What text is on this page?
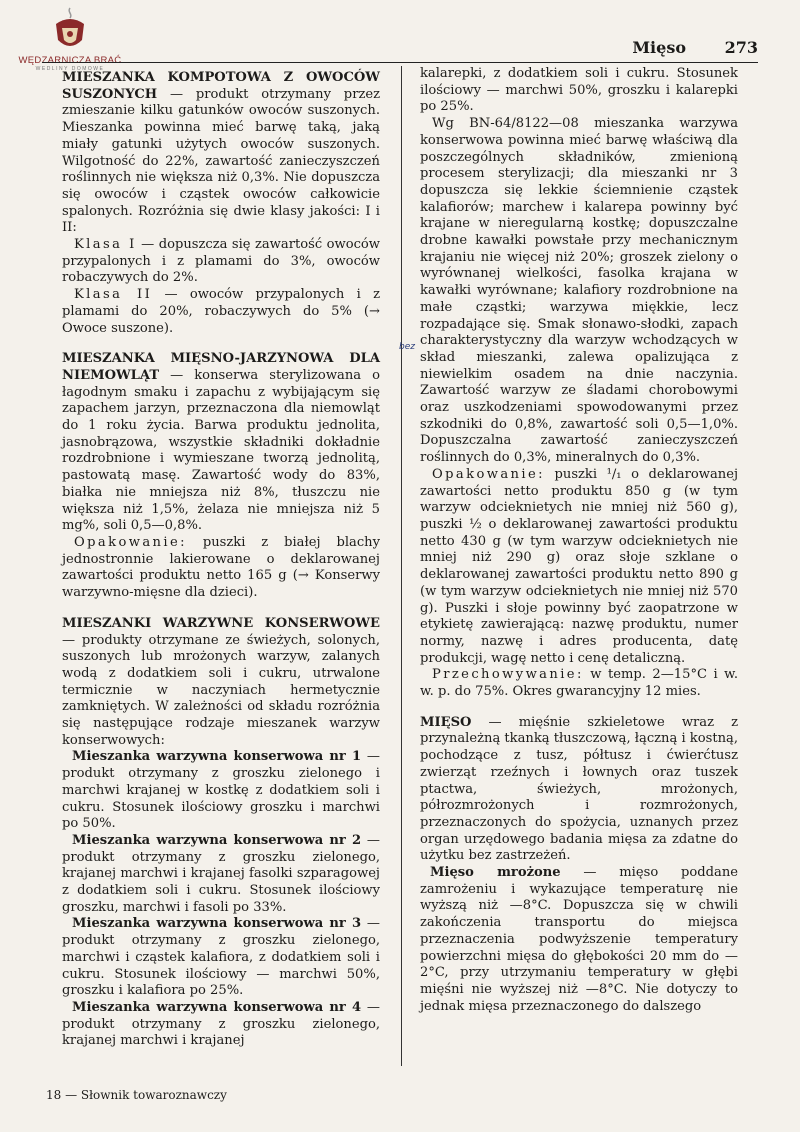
WĘDZARNICZA BRAĆ
WEDLINY DOMOWE
Mięso 273

MIESZANKA KOMPOTOWA Z OWOCÓW SUSZONYCH — produkt otrzymany przez zmieszanie kilku gatunków owoców suszonych. Mieszanka powinna mieć barwę taką, jaką miały gatunki użytych owoców suszonych. Wilgotność do 22%, zawartość zanieczyszczeń roślinnych nie większa niż 0,3%. Nie dopuszcza się owoców i cząstek owoców całkowicie spalonych. Rozróżnia się dwie klasy jakości: I i II:

Klasa I — dopuszcza się zawartość owoców przypalonych i z plamami do 3%, owoców robaczywych do 2%.

Klasa II — owoców przypalonych i z plamami do 20%, robaczywych do 5% (→ Owoce suszone).

MIESZANKA MIĘSNO-JARZYNOWA DLA NIEMOWLĄT — konserwa sterylizowana o łagodnym smaku i zapachu z wybijającym się zapachem jarzyn, przeznaczona dla niemowląt do 1 roku życia. Barwa produktu jednolita, jasnobrązowa, wszystkie składniki dokładnie rozdrobnione i wymieszane tworzą jednolitą, pastowatą masę. Zawartość wody do 83%, białka nie mniejsza niż 8%, tłuszczu nie większa niż 1,5%, żelaza nie mniejsza niż 5 mg%, soli 0,5—0,8%.

Opakowanie: puszki z białej blachy jednostronnie lakierowane o deklarowanej zawartości produktu netto 165 g (→ Konserwy warzywno-mięsne dla dzieci).

MIESZANKI WARZYWNE KONSERWOWE — produkty otrzymane ze świeżych, solonych, suszonych lub mrożonych warzyw, zalanych wodą z dodatkiem soli i cukru, utrwalone termicznie w naczyniach hermetycznie zamkniętych. W zależności od składu rozróżnia się następujące rodzaje mieszanek warzyw konserwowych:

Mieszanka warzywna konserwowa nr 1 — produkt otrzymany z groszku zielonego i marchwi krajanej w kostkę z dodatkiem soli i cukru. Stosunek ilościowy groszku i marchwi po 50%.

Mieszanka warzywna konserwowa nr 2 — produkt otrzymany z groszku zielonego, krajanej marchwi i krajanej fasolki szparagowej z dodatkiem soli i cukru. Stosunek ilościowy groszku, marchwi i fasoli po 33%.

Mieszanka warzywna konserwowa nr 3 — produkt otrzymany z groszku zielonego, marchwi i cząstek kalafiora, z dodatkiem soli i cukru. Stosunek ilościowy — marchwi 50%, groszku i kalafiora po 25%.

Mieszanka warzywna konserwowa nr 4 — produkt otrzymany z groszku zielonego, krajanej marchwi i krajanej

bez

kalarepki, z dodatkiem soli i cukru. Stosunek ilościowy — marchwi 50%, groszku i kalarepki po 25%.

Wg BN-64/8122—08 mieszanka warzywa konserwowa powinna mieć barwę właściwą dla poszczególnych składników, zmienioną procesem sterylizacji; dla mieszanki nr 3 dopuszcza się lekkie ściemnienie cząstek kalafiorów; marchew i kalarepa powinny być krajane w nieregularną kostkę; dopuszczalne drobne kawałki powstałe przy mechanicznym krajaniu nie więcej niż 20%; groszek zielony o wyrównanej wielkości, fasolka krajana w kawałki wyrównane; kalafiory rozdrobnione na małe cząstki; warzywa miękkie, lecz rozpadające się. Smak słonawo-słodki, zapach charakterystyczny dla warzyw wchodzących w skład mieszanki, zalewa opalizująca z niewielkim osadem na dnie naczynia. Zawartość warzyw ze śladami chorobowymi oraz uszkodzeniami spowodowanymi przez szkodniki do 0,8%, zawartość soli 0,5—1,0%. Dopuszczalna zawartość zanieczyszczeń roślinnych do 0,3%, mineralnych do 0,3%.

Opakowanie: puszki ¹/₁ o deklarowanej zawartości netto produktu 850 g (w tym warzyw odcieknietych nie mniej niż 560 g), puszki ½ o deklarowanej zawartości produktu netto 430 g (w tym warzyw odcieknietych nie mniej niż 290 g) oraz słoje szklane o deklarowanej zawartości produktu netto 890 g (w tym warzyw odcieknietych nie mniej niż 570 g). Puszki i słoje powinny być zaopatrzone w etykietę zawierającą: nazwę produktu, numer normy, nazwę i adres producenta, datę produkcji, wagę netto i cenę detaliczną.

Przechowywanie: w temp. 2—15°C i w. w. p. do 75%. Okres gwarancyjny 12 mies.

MIĘSO — mięśnie szkieletowe wraz z przynależną tkanką tłuszczową, łączną i kostną, pochodzące z tusz, półtusz i ćwierćtusz zwierząt rzeźnych i łownych oraz tuszek ptactwa, świeżych, mrożonych, półrozmrożonych i rozmrożonych, przeznaczonych do spożycia, uznanych przez organ urzędowego badania mięsa za zdatne do użytku bez zastrzeżeń.

Mięso mrożone — mięso poddane zamrożeniu i wykazujące temperaturę nie wyższą niż —8°C. Dopuszcza się w chwili zakończenia transportu do miejsca przeznaczenia podwyższenie temperatury powierzchni mięsa do głębokości 20 mm do —2°C, przy utrzymaniu temperatury w głębi mięśni nie wyższej niż —8°C. Nie dotyczy to jednak mięsa przeznaczonego do dalszego

18 — Słownik towaroznawczy
